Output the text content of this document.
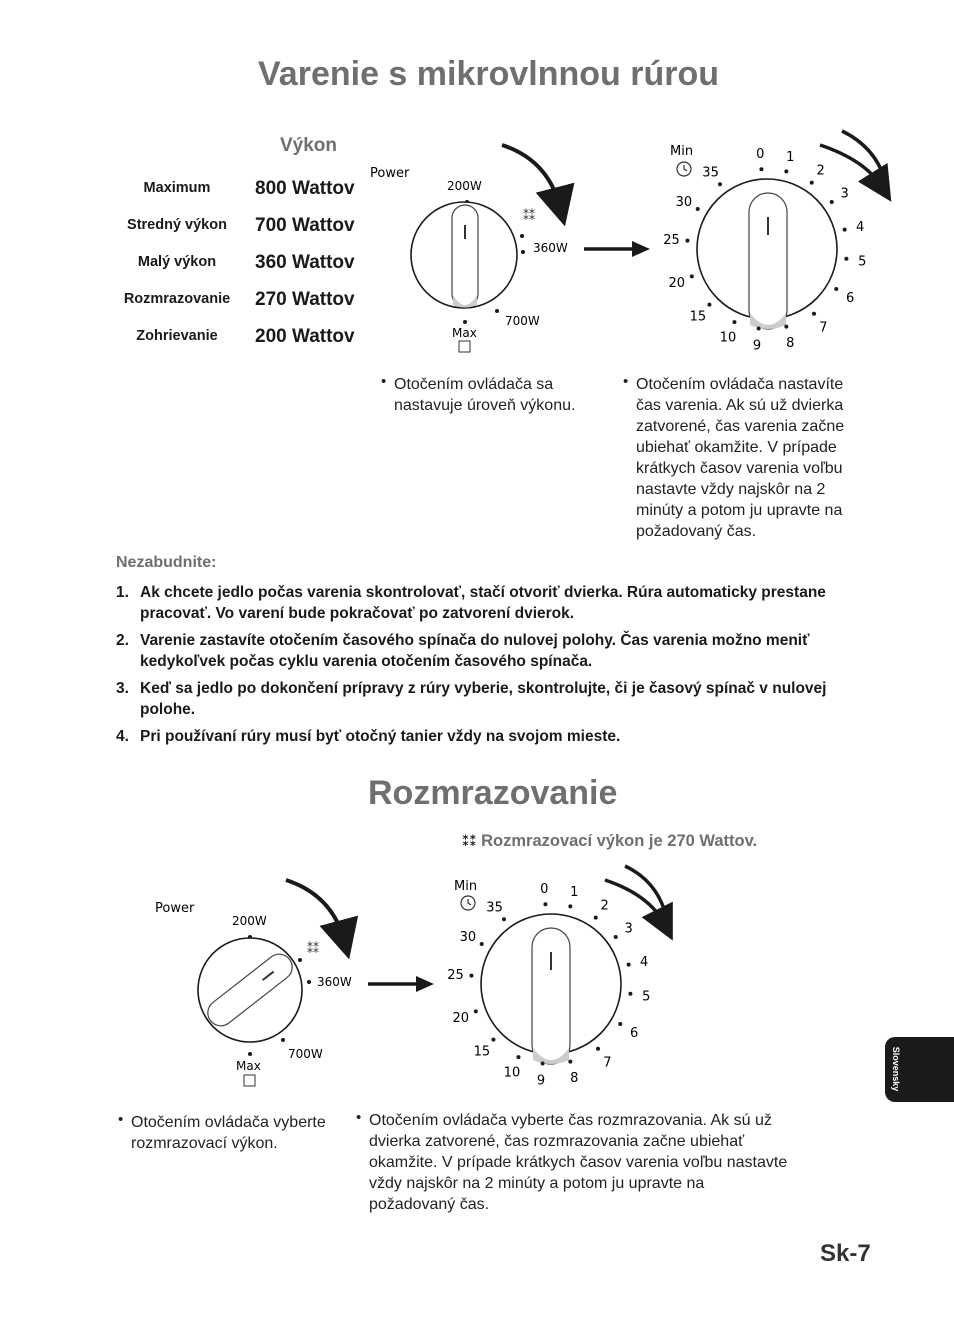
Varenie s mikrovlnnou rúrou
Výkon
Maximum	800 Wattov
Stredný výkon	700 Wattov
Malý výkon	360 Wattov
Rozmrazovanie	270 Wattov
Zohrievanie	200 Wattov
Power
200W
⁑⁑
360W
700W
Max
Min	0 1
2
3
4
5
6
7
8
9
10
15
20
25
30
35
• Otočením ovládača sa nastavuje úroveň výkonu.
• Otočením ovládača nastavíte čas varenia. Ak sú už dvierka zatvorené, čas varenia začne ubiehať okamžite. V prípade krátkych časov varenia voľbu nastavte vždy najskôr na 2 minúty a potom ju upravte na požadovaný čas.
Nezabudnite:
1. Ak chcete jedlo počas varenia skontrolovať, stačí otvoriť dvierka. Rúra automaticky prestane pracovať. Vo varení bude pokračovať po zatvorení dvierok.
2. Varenie zastavíte otočením časového spínača do nulovej polohy. Čas varenia možno meniť kedykoľvek počas cyklu varenia otočením časového spínača.
3. Keď sa jedlo po dokončení prípravy z rúry vyberie, skontrolujte, či je časový spínač v nulovej polohe.
4. Pri používaní rúry musí byť otočný tanier vždy na svojom mieste.
Rozmrazovanie
⁑⁑ Rozmrazovací výkon je 270 Wattov.
Power
200W
⁑⁑
360W
700W
Max
Min	0 1
2
3
4
5
6
7
8
9
10
15
20
25
30
35
• Otočením ovládača vyberte rozmrazovací výkon.
• Otočením ovládača vyberte čas rozmrazovania. Ak sú už dvierka zatvorené, čas rozmrazovania začne ubiehať okamžite. V prípade krátkych časov varenia voľbu nastavte vždy najskôr na 2 minúty a potom ju upravte na požadovaný čas.
Slovensky
Sk-7
